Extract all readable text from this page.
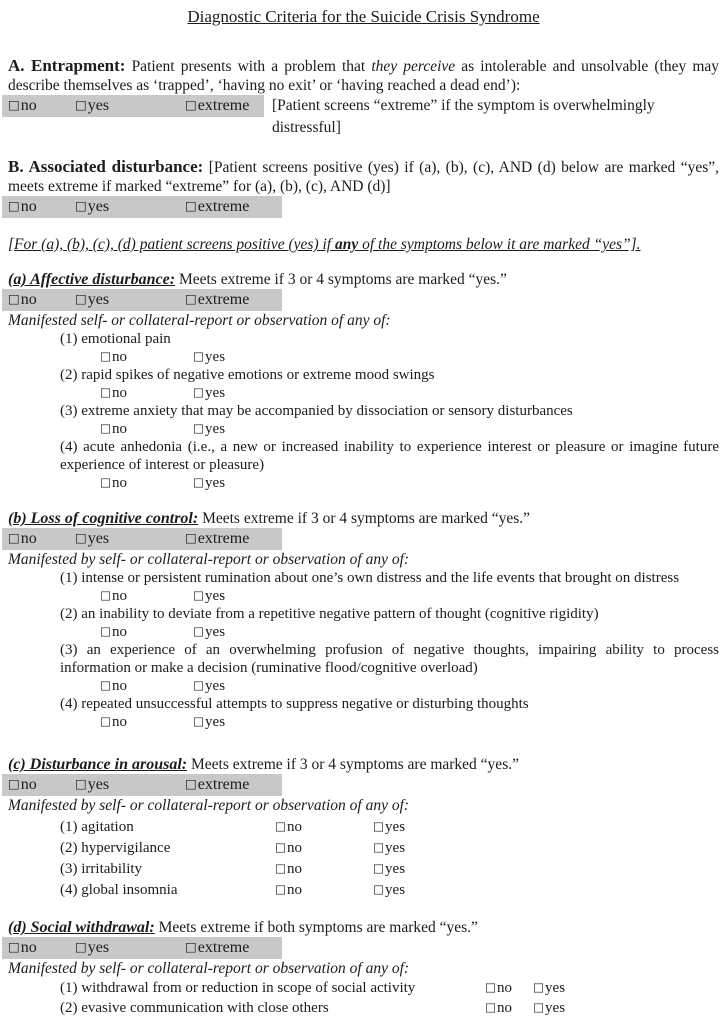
Diagnostic Criteria for the Suicide Crisis Syndrome

A. Entrapment: Patient presents with a problem that they perceive as intolerable and unsolvable (they may describe themselves as ‘trapped’, ‘having no exit’ or ‘having reached a dead end’):

□no	□yes	□extreme [Patient screens “extreme” if the symptom is overwhelmingly distressful]

B. Associated disturbance: [Patient screens positive (yes) if (a), (b), (c), AND (d) below are marked “yes”, meets extreme if marked “extreme” for (a), (b), (c), AND (d)]

□no	□yes	□extreme

[For (a), (b), (c), (d) patient screens positive (yes) if any of the symptoms below it are marked “yes”].

(a) Affective disturbance: Meets extreme if 3 or 4 symptoms are marked “yes.”

□no	□yes	□extreme

Manifested self- or collateral-report or observation of any of:

(1) emotional pain

□no	□yes

(2) rapid spikes of negative emotions or extreme mood swings

□no	□yes

(3) extreme anxiety that may be accompanied by dissociation or sensory disturbances

□no	□yes

(4) acute anhedonia (i.e., a new or increased inability to experience interest or pleasure or imagine future experience of interest or pleasure)

□no	□yes

(b) Loss of cognitive control: Meets extreme if 3 or 4 symptoms are marked “yes.”

□no	□yes	□extreme

Manifested by self- or collateral-report or observation of any of:

(1) intense or persistent rumination about one’s own distress and the life events that brought on distress

□no	□yes

(2) an inability to deviate from a repetitive negative pattern of thought (cognitive rigidity)

□no	□yes

(3) an experience of an overwhelming profusion of negative thoughts, impairing ability to process information or make a decision (ruminative flood/cognitive overload)

□no	□yes

(4) repeated unsuccessful attempts to suppress negative or disturbing thoughts

□no	□yes

(c) Disturbance in arousal: Meets extreme if 3 or 4 symptoms are marked “yes.”

□no	□yes	□extreme

Manifested by self- or collateral-report or observation of any of:

(1) agitation	□no	□yes
(2) hypervigilance	□no	□yes
(3) irritability	□no	□yes
(4) global insomnia	□no	□yes

(d) Social withdrawal: Meets extreme if both symptoms are marked “yes.”

□no	□yes	□extreme

Manifested by self- or collateral-report or observation of any of:

(1) withdrawal from or reduction in scope of social activity	□no	□yes
(2) evasive communication with close others	□no	□yes
